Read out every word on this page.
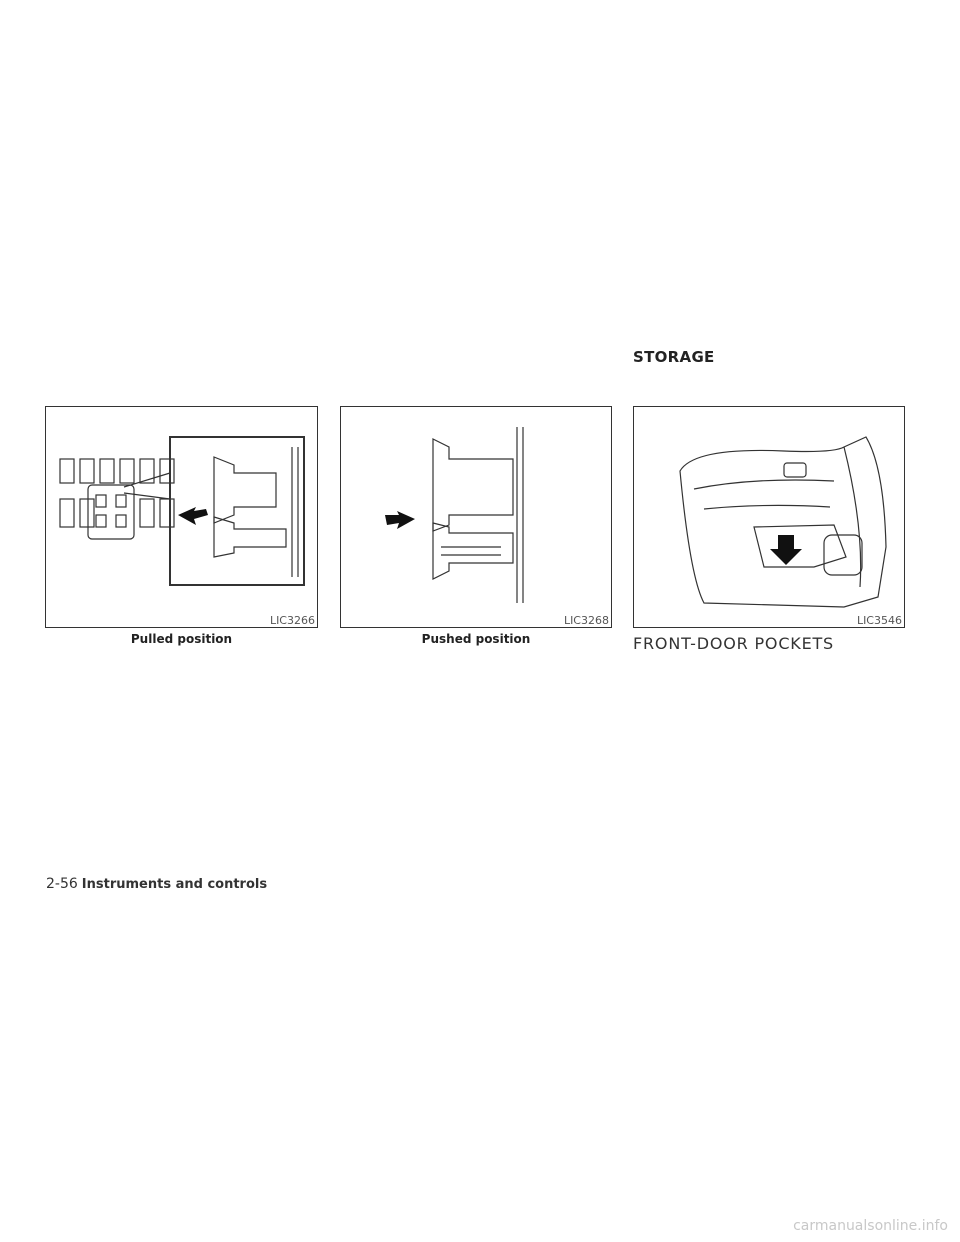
STORAGE
LIC3266
Pulled position
LIC3268
Pushed position
LIC3546
FRONT-DOOR POCKETS
2-56 Instruments and controls
carmanualsonline.info
